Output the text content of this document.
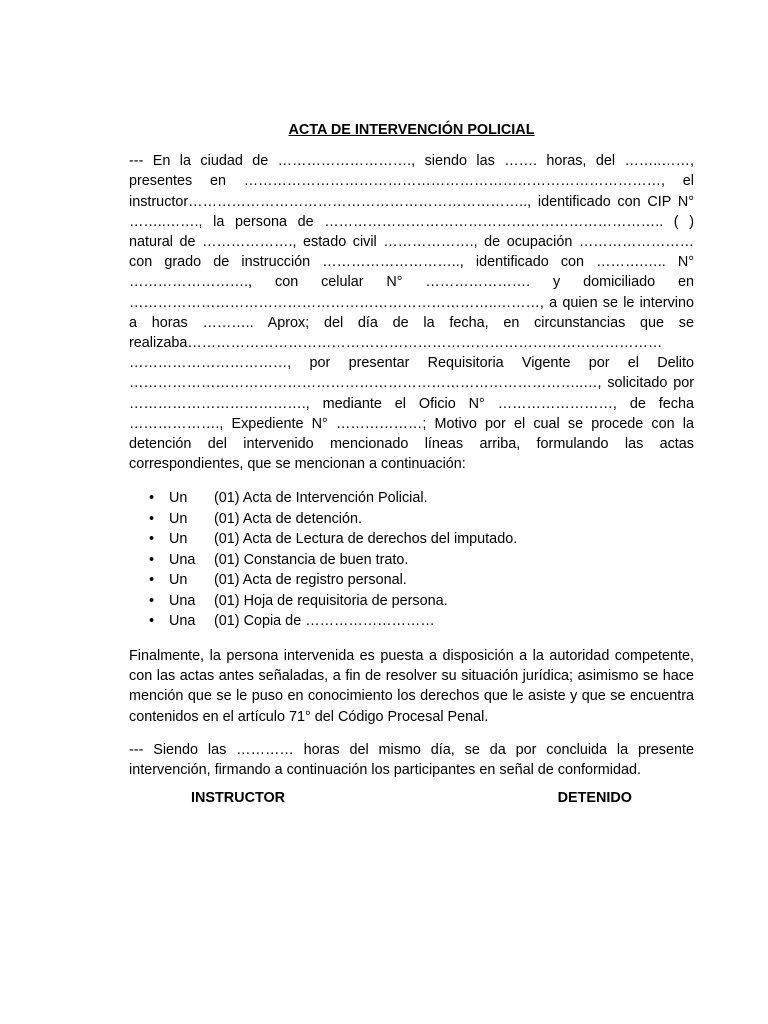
ACTA DE INTERVENCIÓN POLICIAL

--- En la ciudad de ………………………., siendo las ……. horas, del ……..……, presentes en ……………………………………………………………………………, el instructor…………………………………………………………….., identificado con CIP N° ……..……., la persona de …………………………………………………………….. ( ) natural de ………………., estado civil ………………., de ocupación …………………… con grado de instrucción ……………………….., identificado con ……….….. N° ……………………., con celular N° …………………. y domiciliado en …………………………………………………………………..………, a quien se le intervino a horas ……….. Aprox; del día de la fecha, en circunstancias que se realizaba……………………………………………………………………………………… ……………………………, por presentar Requisitoria Vigente por el Delito …………………………………………………………………………………..…, solicitado por ………………………………., mediante el Oficio N° ……………………, de fecha ………………., Expediente N° ………………; Motivo por el cual se procede con la detención del intervenido mencionado líneas arriba, formulando las actas correspondientes, que se mencionan a continuación:

•	Un	(01) Acta de Intervención Policial.
•	Un	(01) Acta de detención.
•	Un	(01) Acta de Lectura de derechos del imputado.
•	Una	(01) Constancia de buen trato.
•	Un	(01) Acta de registro personal.
•	Una	(01) Hoja de requisitoria de persona.
•	Una	(01) Copia de ………………………

Finalmente, la persona intervenida es puesta a disposición a la autoridad competente, con las actas antes señaladas, a fin de resolver su situación jurídica; asimismo se hace mención que se le puso en conocimiento los derechos que le asiste y que se encuentra contenidos en el artículo 71° del Código Procesal Penal.

--- Siendo las ………… horas del mismo día, se da por concluida la presente intervención, firmando a continuación los participantes en señal de conformidad.

INSTRUCTOR	DETENIDO
